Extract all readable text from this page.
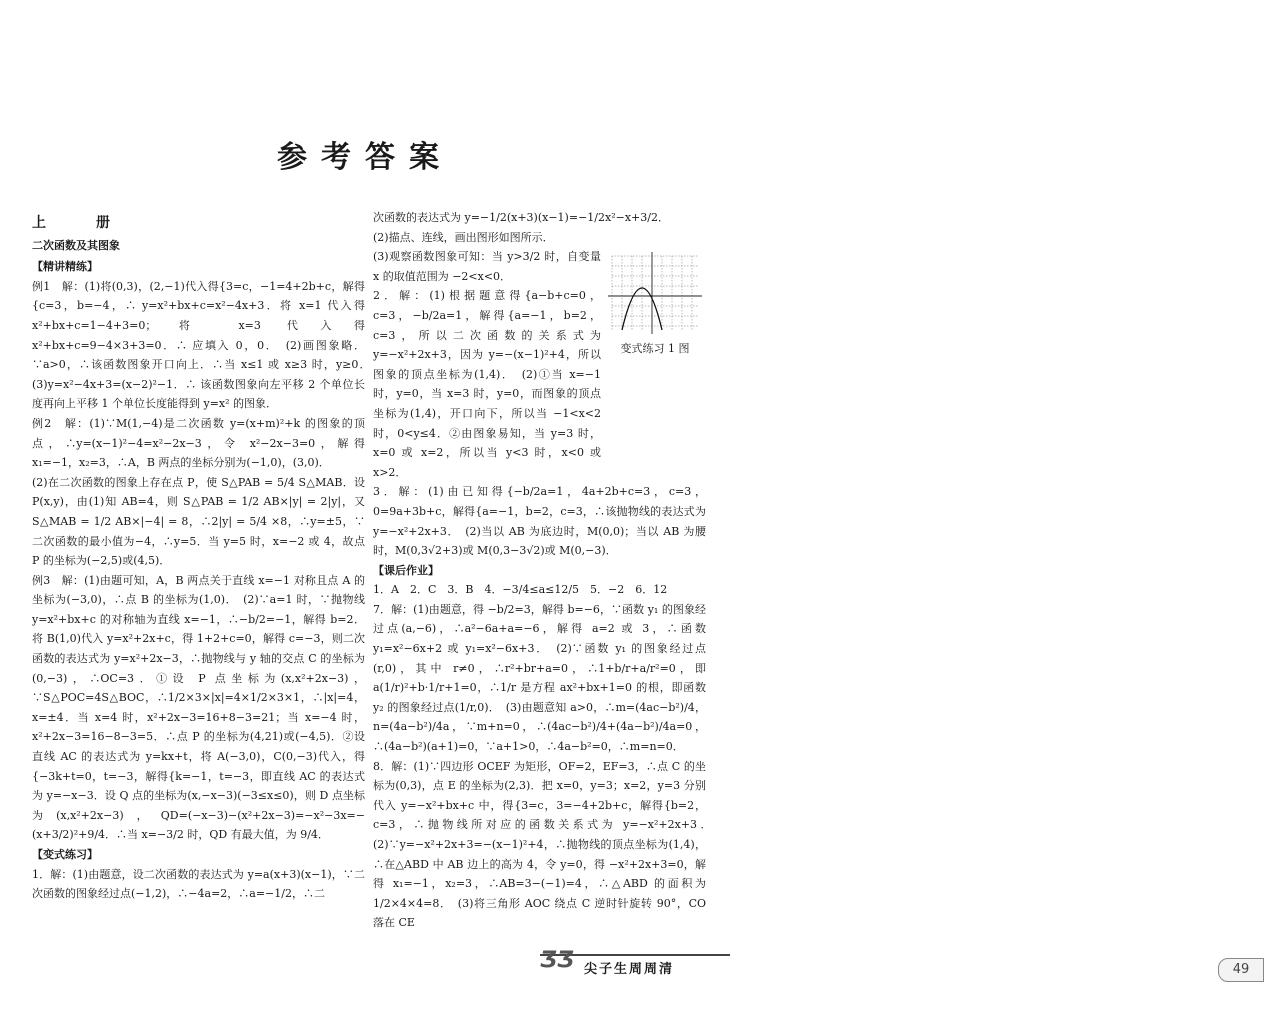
参考答案

上　册

二次函数及其图象

【精讲精练】

例1　解：(1)将(0,3)，(2,−1)代入得{3=c，−1=4+2b+c，解得{c=3，b=−4，∴ y=x²+bx+c=x²−4x+3．将 x=1 代入得 x²+bx+c=1−4+3=0；将 x=3 代入得 x²+bx+c=9−4×3+3=0．∴ 应填入 0，0．　(2)画图象略．∵a>0，∴该函数图象开口向上．∴当 x≤1 或 x≥3 时，y≥0．　(3)y=x²−4x+3=(x−2)²−1．∴ 该函数图象向左平移 2 个单位长度再向上平移 1 个单位长度能得到 y=x² 的图象．

例2　解：(1)∵M(1,−4)是二次函数 y=(x+m)²+k 的图象的顶点，∴y=(x−1)²−4=x²−2x−3，令 x²−2x−3=0，解得 x₁=−1，x₂=3，∴A，B 两点的坐标分别为(−1,0)，(3,0)．

(2)在二次函数的图象上存在点 P，使 S△PAB = 5/4 S△MAB．设 P(x,y)，由(1)知 AB=4，则 S△PAB = 1/2 AB×|y| = 2|y|，又 S△MAB = 1/2 AB×|−4| = 8，∴2|y| = 5/4 ×8，∴y=±5，∵二次函数的最小值为−4，∴y=5．当 y=5 时，x=−2 或 4，故点 P 的坐标为(−2,5)或(4,5)．

例3　解：(1)由题可知，A，B 两点关于直线 x=−1 对称且点 A 的坐标为(−3,0)，∴点 B 的坐标为(1,0)．　(2)∵a=1 时，∵抛物线 y=x²+bx+c 的对称轴为直线 x=−1，∴−b/2=−1，解得 b=2．将 B(1,0)代入 y=x²+2x+c，得 1+2+c=0，解得 c=−3，则二次函数的表达式为 y=x²+2x−3，∴抛物线与 y 轴的交点 C 的坐标为(0,−3)，∴OC=3．①设 P 点坐标为(x,x²+2x−3)，∵S△POC=4S△BOC，∴1/2×3×|x|=4×1/2×3×1，∴|x|=4，x=±4．当 x=4 时，x²+2x−3=16+8−3=21；当 x=−4 时，x²+2x−3=16−8−3=5．∴点 P 的坐标为(4,21)或(−4,5)．②设直线 AC 的表达式为 y=kx+t，将 A(−3,0)，C(0,−3)代入，得{−3k+t=0，t=−3，解得{k=−1，t=−3，即直线 AC 的表达式为 y=−x−3．设 Q 点的坐标为(x,−x−3)(−3≤x≤0)，则 D 点坐标为(x,x²+2x−3)，QD=(−x−3)−(x²+2x−3)=−x²−3x=−(x+3/2)²+9/4．∴当 x=−3/2 时，QD 有最大值，为 9/4．

【变式练习】

1．解：(1)由题意，设二次函数的表达式为 y=a(x+3)(x−1)，∵二次函数的图象经过点(−1,2)，∴−4a=2，∴a=−1/2，∴二

次函数的表达式为 y=−1/2(x+3)(x−1)=−1/2x²−x+3/2．

(2)描点、连线，画出图形如图所示．

(3)观察函数图象可知：当 y>3/2 时，自变量 x 的取值范围为 −2<x<0．

2．解：(1)根据题意得{a−b+c=0，c=3，−b/2a=1，解得{a=−1，b=2，c=3，所以二次函数的关系式为 y=−x²+2x+3，因为 y=−(x−1)²+4，所以图象的顶点坐标为(1,4)．　(2)①当 x=−1 时，y=0，当 x=3 时，y=0，而图象的顶点坐标为(1,4)，开口向下，所以当 −1<x<2 时，0<y≤4．②由图象易知，当 y=3 时，x=0 或 x=2，所以当 y<3 时，x<0 或 x>2．

3．解：(1)由已知得{−b/2a=1，4a+2b+c=3，c=3，0=9a+3b+c，解得{a=−1，b=2，c=3，∴该抛物线的表达式为 y=−x²+2x+3．　(2)当以 AB 为底边时，M(0,0)；当以 AB 为腰时，M(0,3√2+3)或 M(0,3−3√2)或 M(0,−3)．

【课后作业】

1．A　2．C　3．B　4．−3/4≤a≤12/5　5．−2　6．12

7．解：(1)由题意，得 −b/2=3，解得 b=−6，∵函数 y₁ 的图象经过点(a,−6)，∴a²−6a+a=−6，解得 a=2 或 3，∴函数 y₁=x²−6x+2 或 y₁=x²−6x+3．　(2)∵函数 y₁ 的图象经过点(r,0)，其中 r≠0，∴r²+br+a=0，∴1+b/r+a/r²=0，即 a(1/r)²+b·1/r+1=0，∴1/r 是方程 ax²+bx+1=0 的根，即函数 y₂ 的图象经过点(1/r,0)．　(3)由题意知 a>0，∴m=(4ac−b²)/4，n=(4a−b²)/4a，∵m+n=0，∴(4ac−b²)/4+(4a−b²)/4a=0，∴(4a−b²)(a+1)=0，∵a+1>0，∴4a−b²=0，∴m=n=0．

8．解：(1)∵四边形 OCEF 为矩形，OF=2，EF=3，∴点 C 的坐标为(0,3)，点 E 的坐标为(2,3)．把 x=0，y=3；x=2，y=3 分别代入 y=−x²+bx+c 中，得{3=c，3=−4+2b+c，解得{b=2，c=3，∴抛物线所对应的函数关系式为 y=−x²+2x+3．　(2)∵y=−x²+2x+3=−(x−1)²+4，∴抛物线的顶点坐标为(1,4)，∴在△ABD 中 AB 边上的高为 4，令 y=0，得 −x²+2x+3=0，解得 x₁=−1，x₂=3，∴AB=3−(−1)=4，∴△ABD 的面积为 1/2×4×4=8．　(3)将三角形 AOC 绕点 C 逆时针旋转 90°，CO 落在 CE

变式练习 1 图
ƷƷ 尖子生周周清	49
